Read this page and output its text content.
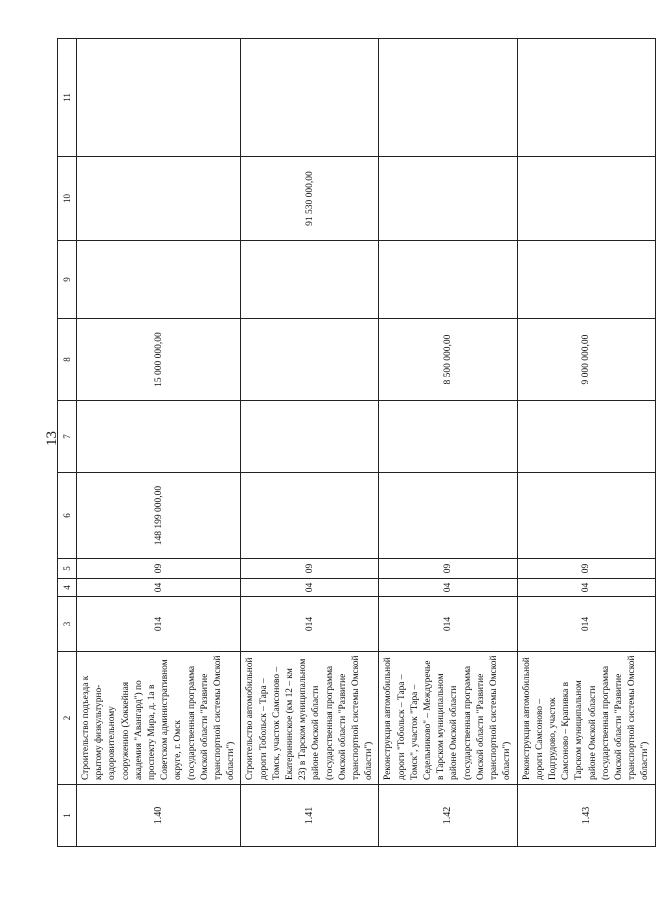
13
1	2	3	4	5	6	7	8	9	10	11
1.40	Строительство подъезда к крытому физкультурно-оздоровительному сооружению (Хоккейная академия "Авангард") по проспекту Мира, д. 1а в Советском административном округе, г. Омск (государственная программа Омской области "Развитие транспортной системы Омской области")	014	04	09	148 199 000,00		15 000 000,00			
1.41	Строительство автомобильной дороги Тобольск – Тара – Томск, участок Самсоново – Екатерининское (км 12 – км 23) в Тарском муниципальном районе Омской области (государственная программа Омской области "Развитие транспортной системы Омской области")	014	04	09					91 530 000,00	
1.42	Реконструкция автомобильной дороги "Тобольск – Тара – Томск", участок "Тара – Седельниково" – Междуречье в Тарском муниципальном районе Омской области (государственная программа Омской области "Развитие транспортной системы Омской области")	014	04	09			8 500 000,00			
1.43	Реконструкция автомобильной дороги Самсоново – Подгрудово, участок Самсоново – Крапивка в Тарском муниципальном районе Омской области (государственная программа Омской области "Развитие транспортной системы Омской области")	014	04	09			9 000 000,00			
